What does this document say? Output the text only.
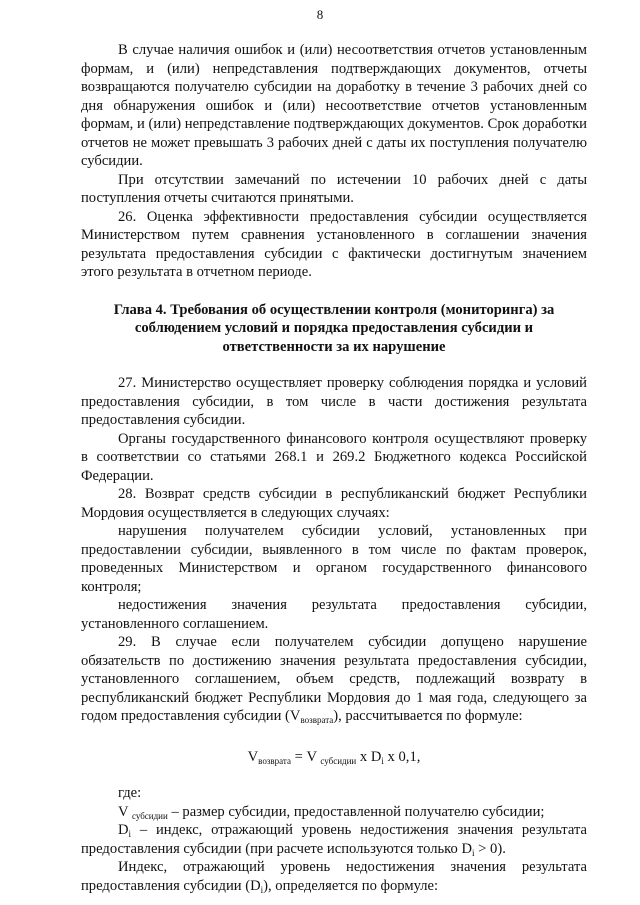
8

В случае наличия ошибок и (или) несоответствия отчетов установленным формам, и (или) непредставления подтверждающих документов, отчеты возвращаются получателю субсидии на доработку в течение 3 рабочих дней со дня обнаружения ошибок и (или) несоответствие отчетов установленным формам, и (или) непредставление подтверждающих документов. Срок доработки отчетов не может превышать 3 рабочих дней с даты их поступления получателю субсидии.

При отсутствии замечаний по истечении 10 рабочих дней с даты поступления отчеты считаются принятыми.

26. Оценка эффективности предоставления субсидии осуществляется Министерством путем сравнения установленного в соглашении значения результата предоставления субсидии с фактически достигнутым значением этого результата в отчетном периоде.

Глава 4. Требования об осуществлении контроля (мониторинга) за соблюдением условий и порядка предоставления субсидии и ответственности за их нарушение

27. Министерство осуществляет проверку соблюдения порядка и условий предоставления субсидии, в том числе в части достижения результата предоставления субсидии.

Органы государственного финансового контроля осуществляют проверку в соответствии со статьями 268.1 и 269.2 Бюджетного кодекса Российской Федерации.

28. Возврат средств субсидии в республиканский бюджет Республики Мордовия осуществляется в следующих случаях:

нарушения получателем субсидии условий, установленных при предоставлении субсидии, выявленного в том числе по фактам проверок, проведенных Министерством и органом государственного финансового контроля;

недостижения значения результата предоставления субсидии, установленного соглашением.

29. В случае если получателем субсидии допущено нарушение обязательств по достижению значения результата предоставления субсидии, установленного соглашением, объем средств, подлежащий возврату в республиканский бюджет Республики Мордовия до 1 мая года, следующего за годом предоставления субсидии $(V_{возврата})$, рассчитывается по формуле:

$V_{возврата} = V$ $_{субсидии}$ x $D_i$ x 0,1,

где:

V $_{субсидии}$ – размер субсидии, предоставленной получателю субсидии;

$D_i$ – индекс, отражающий уровень недостижения значения результата предоставления субсидии (при расчете используются только $D_i > 0$).

Индекс, отражающий уровень недостижения значения результата предоставления субсидии $(D_i)$, определяется по формуле:
